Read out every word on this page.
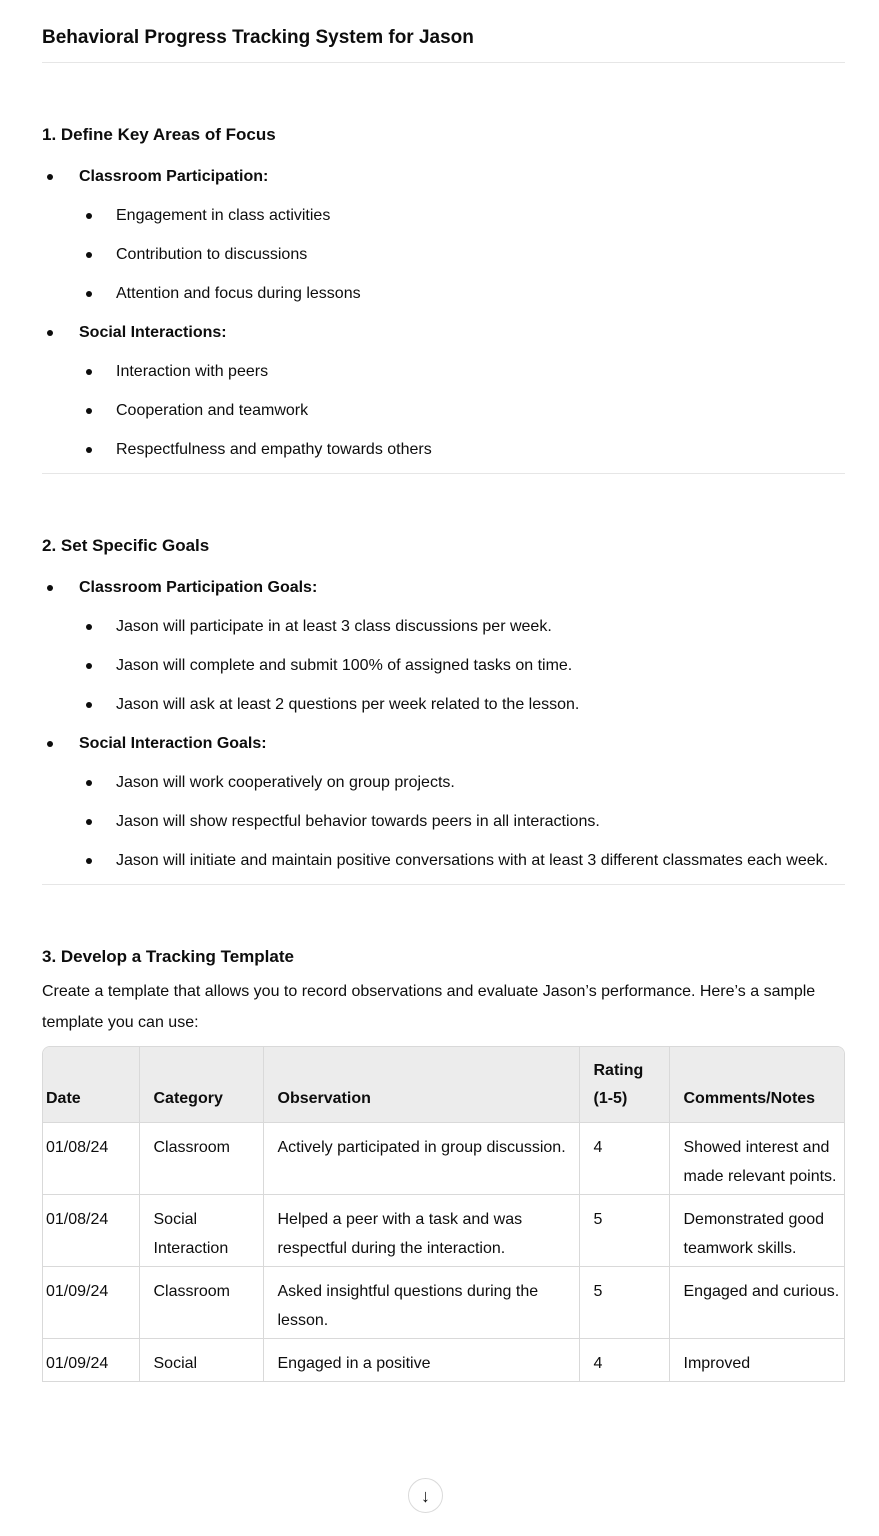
Behavioral Progress Tracking System for Jason
1. Define Key Areas of Focus
Classroom Participation:
Engagement in class activities
Contribution to discussions
Attention and focus during lessons
Social Interactions:
Interaction with peers
Cooperation and teamwork
Respectfulness and empathy towards others
2. Set Specific Goals
Classroom Participation Goals:
Jason will participate in at least 3 class discussions per week.
Jason will complete and submit 100% of assigned tasks on time.
Jason will ask at least 2 questions per week related to the lesson.
Social Interaction Goals:
Jason will work cooperatively on group projects.
Jason will show respectful behavior towards peers in all interactions.
Jason will initiate and maintain positive conversations with at least 3 different classmates each week.
3. Develop a Tracking Template

Create a template that allows you to record observations and evaluate Jason’s performance. Here’s a sample template you can use:

Date	Category	Observation	Rating (1-5)	Comments/Notes
01/08/24	Classroom	Actively participated in group discussion.	4	Showed interest and made relevant points.
01/08/24	Social Interaction	Helped a peer with a task and was respectful during the interaction.	5	Demonstrated good teamwork skills.
01/09/24	Classroom	Asked insightful questions during the lesson.	5	Engaged and curious.
01/09/24	Social	Engaged in a positive	4	Improved
↓
